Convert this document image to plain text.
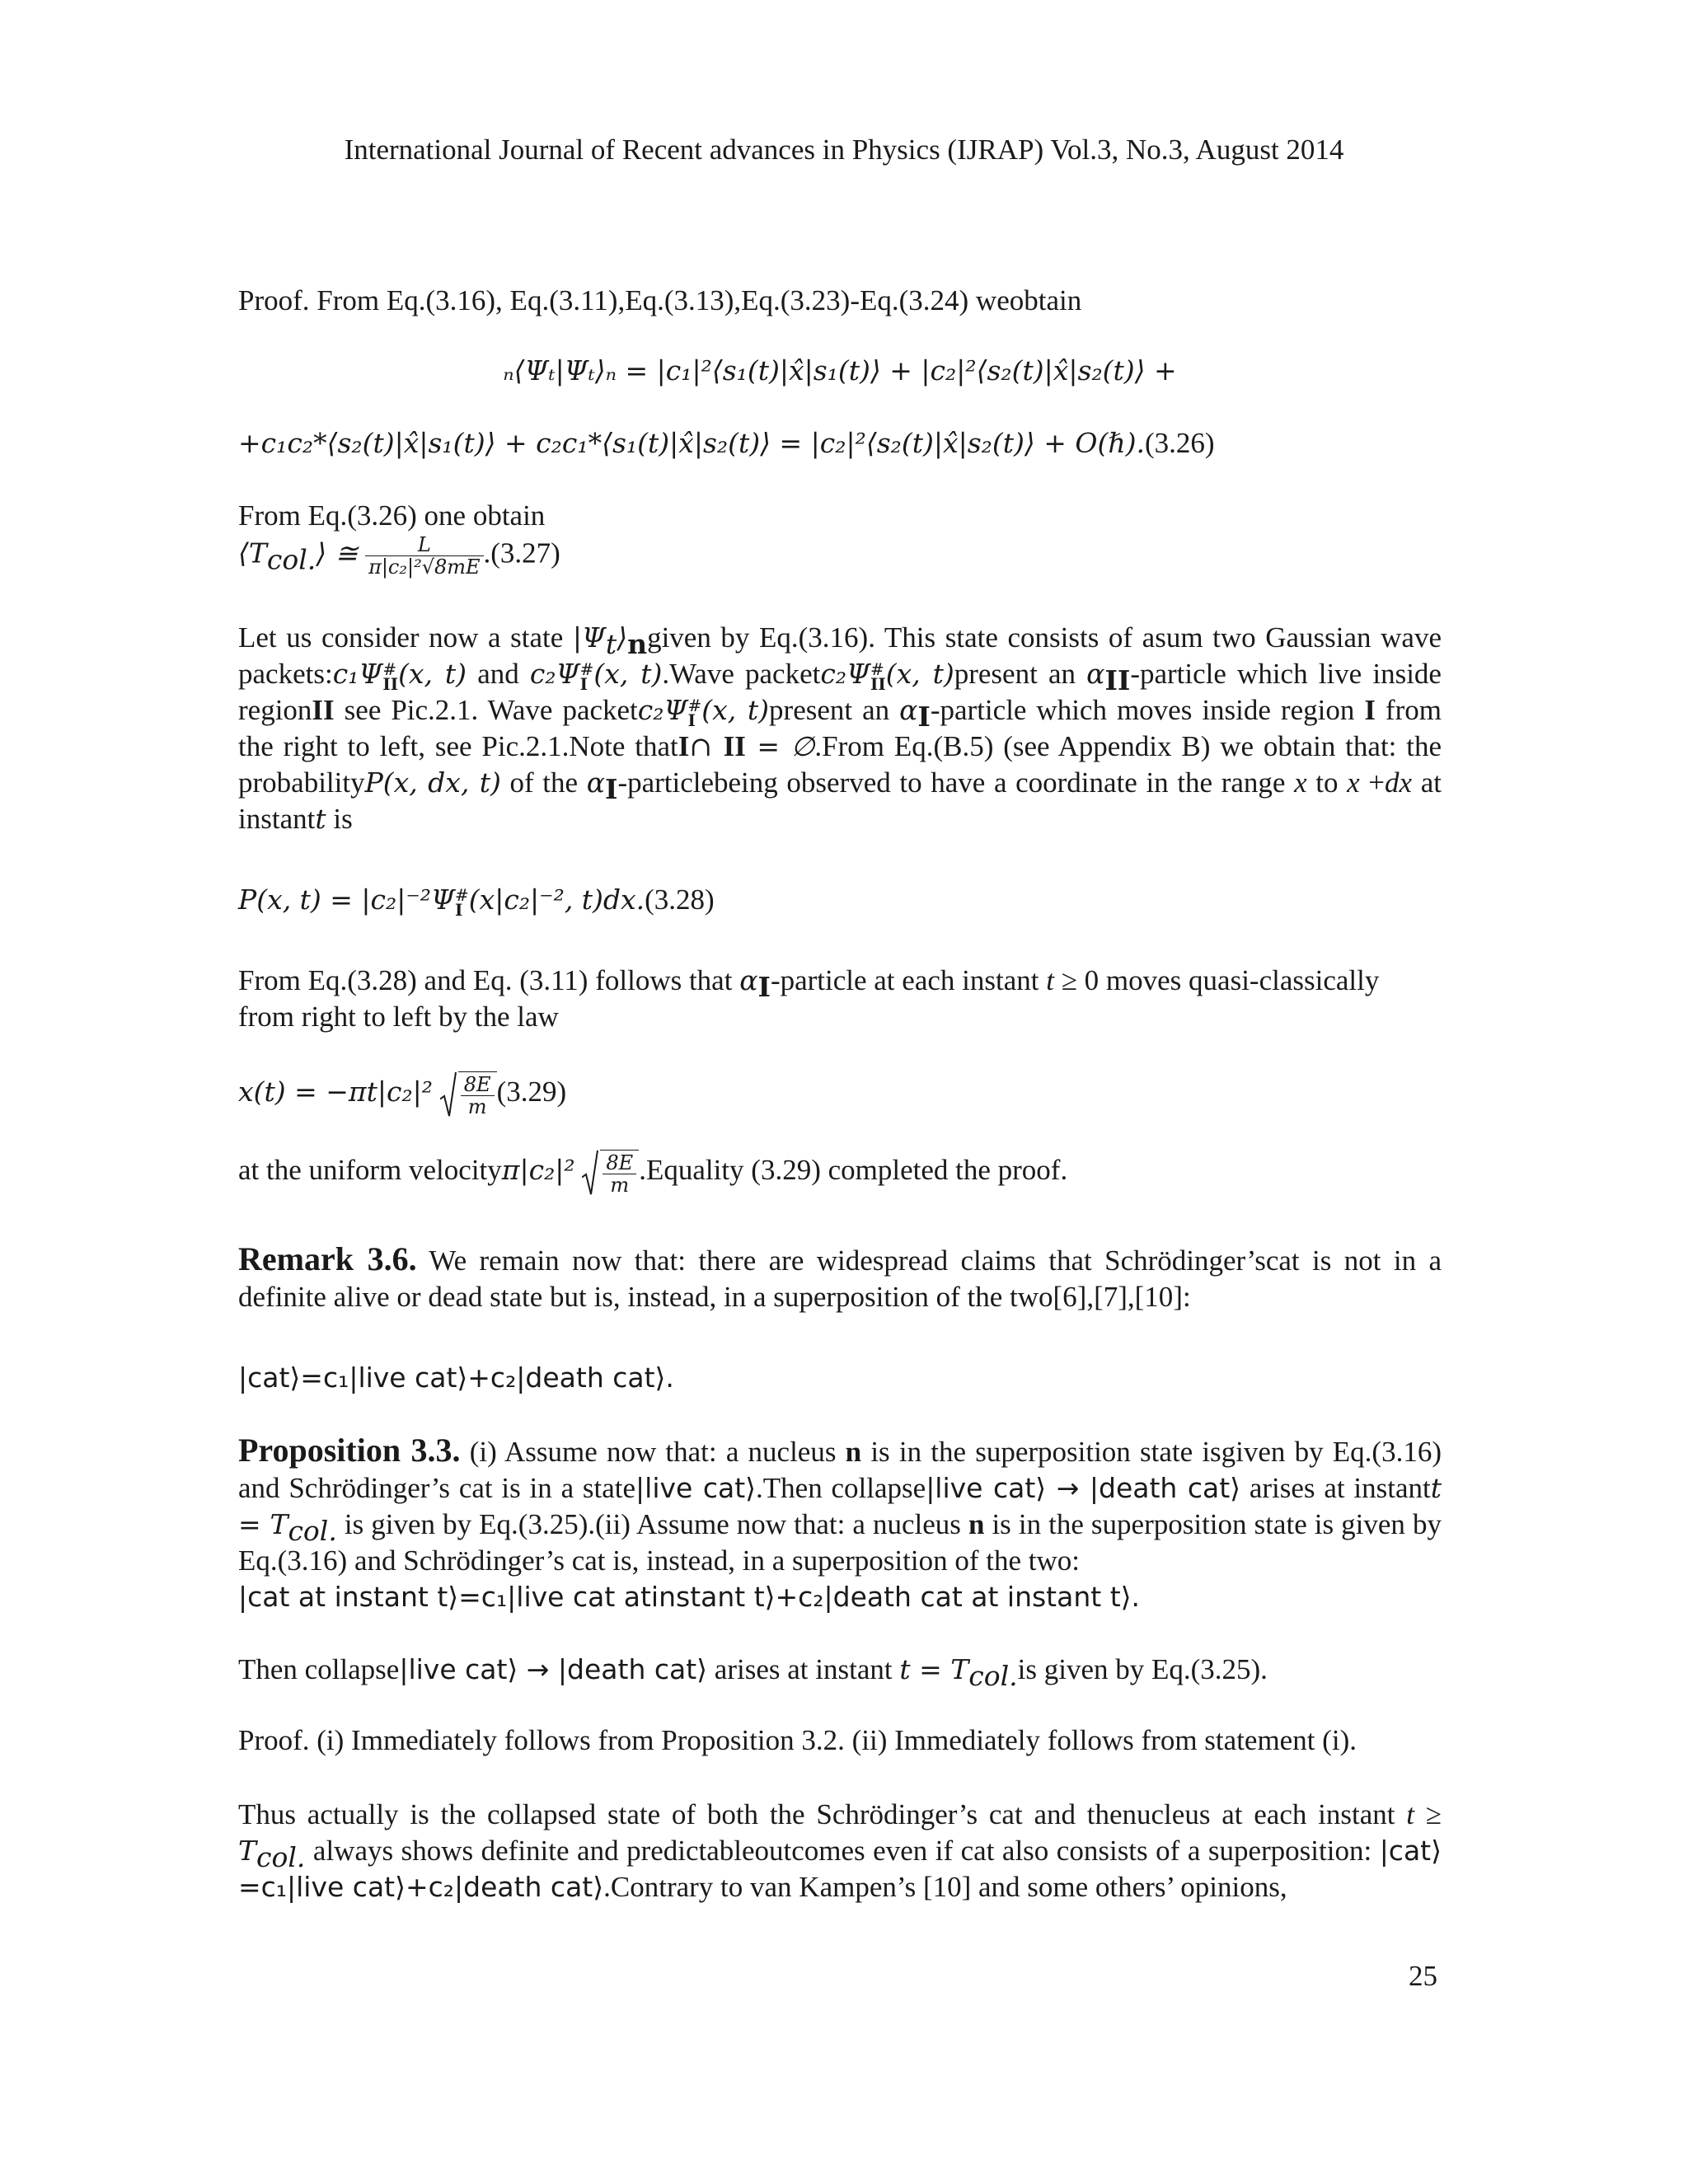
International Journal of Recent advances in Physics (IJRAP) Vol.3, No.3, August 2014
Proof. From Eq.(3.16), Eq.(3.11),Eq.(3.13),Eq.(3.23)-Eq.(3.24) weobtain
ₙ⟨Ψₜ|Ψₜ⟩ₙ = |c₁|²⟨s₁(t)|x̂|s₁(t)⟩ + |c₂|²⟨s₂(t)|x̂|s₂(t)⟩ +
+c₁c₂*⟨s₂(t)|x̂|s₁(t)⟩ + c₂c₁*⟨s₁(t)|x̂|s₂(t)⟩ = |c₂|²⟨s₂(t)|x̂|s₂(t)⟩ + O(ℏ).(3.26)
From Eq.(3.26) one obtain
$⟨T_{col.}⟩$ ≅ $\frac{L}{\text{π|c₂|²√8mE}} .(3.27)$
Let us consider now a state $|\Psi_t⟩_ngiven$ by Eq.(3.16). This state consists of asum two Gaussian wave packets:c₁Ψ #
II (x, t) and c₂Ψ #
I (x, t).Wave packetc₂Ψ #
II (x, t)present an $\alpha_{II}$-particle which live inside regionII see Pic.2.1. Wave packetc₂Ψ #
I (x, t)present an $\alpha_I$-particle which moves inside region I from the right to left, see Pic.2.1.Note thatI∩ II = ∅.From Eq.(B.5) (see Appendix B) we obtain that: the probabilityP(x, dx, t) of the $\alpha_I$-particlebeing observed to have a coordinate in the range x to x +dx at instantt is
P(x, t) = |c₂|⁻²Ψ #
I (x|c₂|⁻², t)dx.(3.28)
From Eq.(3.28) and Eq. (3.11) follows that $\alpha_I$-particle at each instant t ≥ 0 moves quasi-classically from right to left by the law
$x(t) = -\pi t|c_2|^2 \frac{8E}{m} (3.29)$
at the uniform velocityπ|c₂|² $\frac{8E}{m}$ .Equality (3.29) completed the proof.
Remark 3.6. We remain now that: there are widespread claims that Schrödinger’scat is not in a definite alive or dead state but is, instead, in a superposition of the two[6],[7],[10]:
|cat⟩=c₁|live cat⟩+c₂|death cat⟩.
Proposition 3.3. (i) Assume now that: a nucleus n is in the superposition state isgiven by Eq.(3.16) and Schrödinger’s cat is in a state|live cat⟩.Then collapse|live cat⟩ → |death cat⟩ arises at instantt = $T_{col.}$ is given by Eq.(3.25).(ii) Assume now that: a nucleus n is in the superposition state is given by Eq.(3.16) and Schrödinger’s cat is, instead, in a superposition of the two:
|cat at instant t⟩=c₁|live cat atinstant t⟩+c₂|death cat at instant t⟩.
Then collapse|live cat⟩ → |death cat⟩ arises at instant $t = T_{col.}is$ given by Eq.(3.25).
Proof. (i) Immediately follows from Proposition 3.2. (ii) Immediately follows from statement (i).
Thus actually is the collapsed state of both the Schrödinger’s cat and thenucleus at each instant $t \ge T_{col.}$ always shows definite and predictableoutcomes even if cat also consists of a superposition: |cat⟩=c₁|live cat⟩+c₂|death cat⟩.Contrary to van Kampen’s [10] and some others’ opinions,
25
